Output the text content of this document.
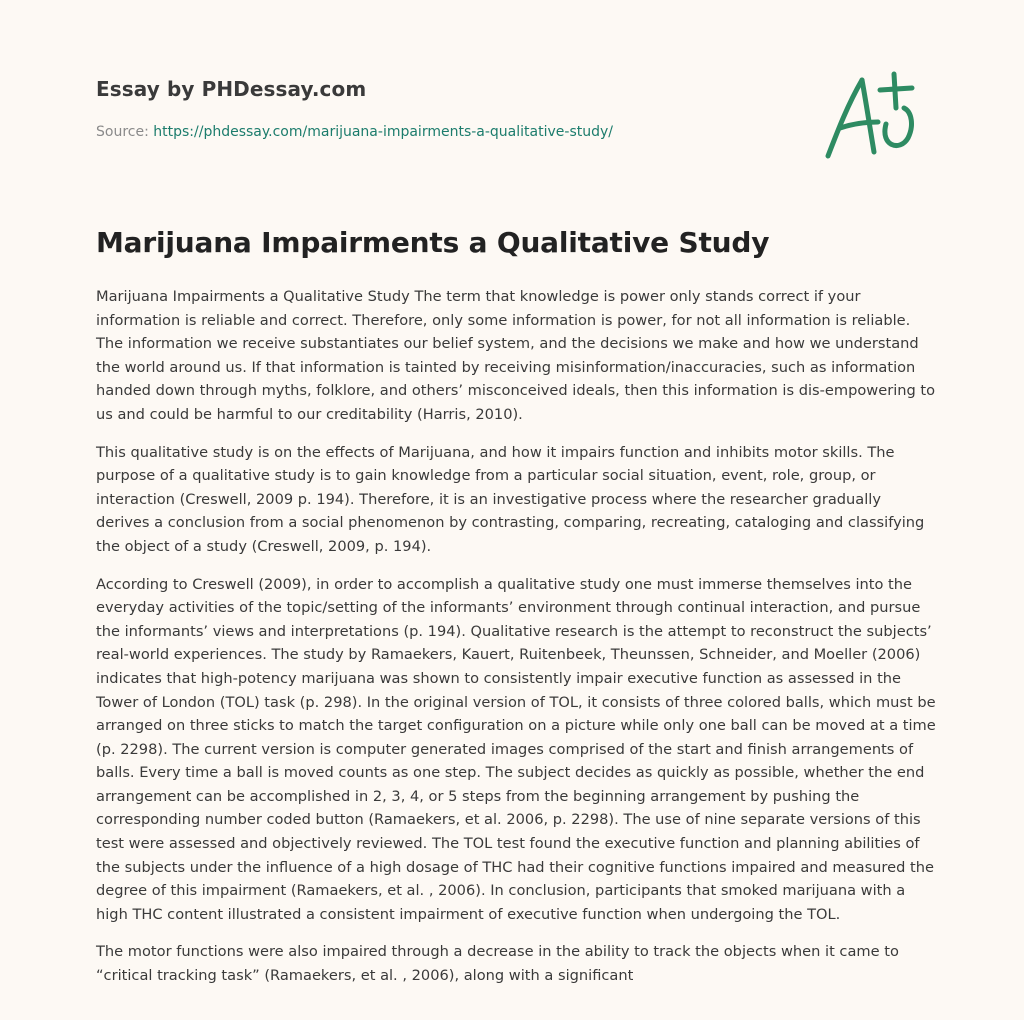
Essay by PHDessay.com
Source: https://phdessay.com/marijuana-impairments-a-qualitative-study/
Marijuana Impairments a Qualitative Study

Marijuana Impairments a Qualitative Study The term that knowledge is power only stands correct if your information is reliable and correct. Therefore, only some information is power, for not all information is reliable. The information we receive substantiates our belief system, and the decisions we make and how we understand the world around us. If that information is tainted by receiving misinformation/inaccuracies, such as information handed down through myths, folklore, and others’ misconceived ideals, then this information is dis-empowering to us and could be harmful to our creditability (Harris, 2010).

This qualitative study is on the effects of Marijuana, and how it impairs function and inhibits motor skills. The purpose of a qualitative study is to gain knowledge from a particular social situation, event, role, group, or interaction (Creswell, 2009 p. 194). Therefore, it is an investigative process where the researcher gradually derives a conclusion from a social phenomenon by contrasting, comparing, recreating, cataloging and classifying the object of a study (Creswell, 2009, p. 194).

According to Creswell (2009), in order to accomplish a qualitative study one must immerse themselves into the everyday activities of the topic/setting of the informants’ environment through continual interaction, and pursue the informants’ views and interpretations (p. 194). Qualitative research is the attempt to reconstruct the subjects’ real-world experiences. The study by Ramaekers, Kauert, Ruitenbeek, Theunssen, Schneider, and Moeller (2006) indicates that high-potency marijuana was shown to consistently impair executive function as assessed in the Tower of London (TOL) task (p. 298). In the original version of TOL, it consists of three colored balls, which must be arranged on three sticks to match the target configuration on a picture while only one ball can be moved at a time (p. 2298). The current version is computer generated images comprised of the start and finish arrangements of balls. Every time a ball is moved counts as one step. The subject decides as quickly as possible, whether the end arrangement can be accomplished in 2, 3, 4, or 5 steps from the beginning arrangement by pushing the corresponding number coded button (Ramaekers, et al. 2006, p. 2298). The use of nine separate versions of this test were assessed and objectively reviewed. The TOL test found the executive function and planning abilities of the subjects under the influence of a high dosage of THC had their cognitive functions impaired and measured the degree of this impairment (Ramaekers, et al. , 2006). In conclusion, participants that smoked marijuana with a high THC content illustrated a consistent impairment of executive function when undergoing the TOL.

The motor functions were also impaired through a decrease in the ability to track the objects when it came to “critical tracking task” (Ramaekers, et al. , 2006), along with a significant
